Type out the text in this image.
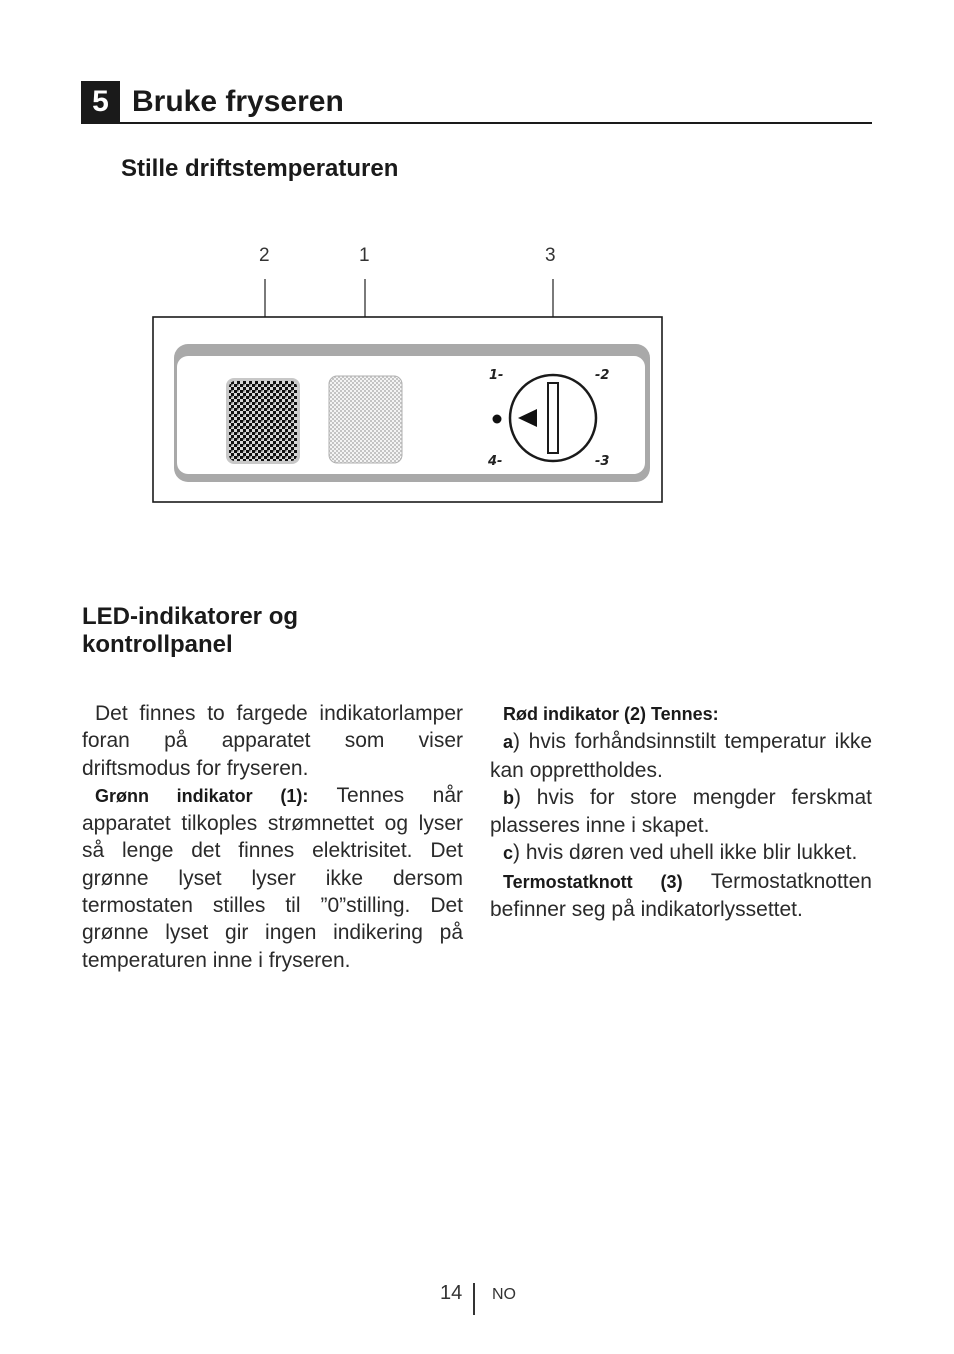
5 Bruke fryseren
Stille driftstemperaturen
2	1	3
1-	-2
4-	-3
LED-indikatorer og
kontrollpanel

Det finnes to fargede indikatorlamper foran på apparatet som viser driftsmodus for fryseren.

Grønn indikator (1): Tennes når apparatet tilkoples strømnettet og lyser så lenge det finnes elektrisitet. Det grønne lyset lyser ikke dersom termostaten stilles til ”0”stilling. Det grønne lyset gir ingen indikering på temperaturen inne i fryseren.

Rød indikator (2) Tennes:

a) hvis forhåndsinnstilt temperatur ikke kan opprettholdes.

b) hvis for store mengder ferskmat plasseres inne i skapet.

c) hvis døren ved uhell ikke blir lukket.

Termostatknott (3) Termostatknotten befinner seg på indikatorlyssettet.

14 NO
